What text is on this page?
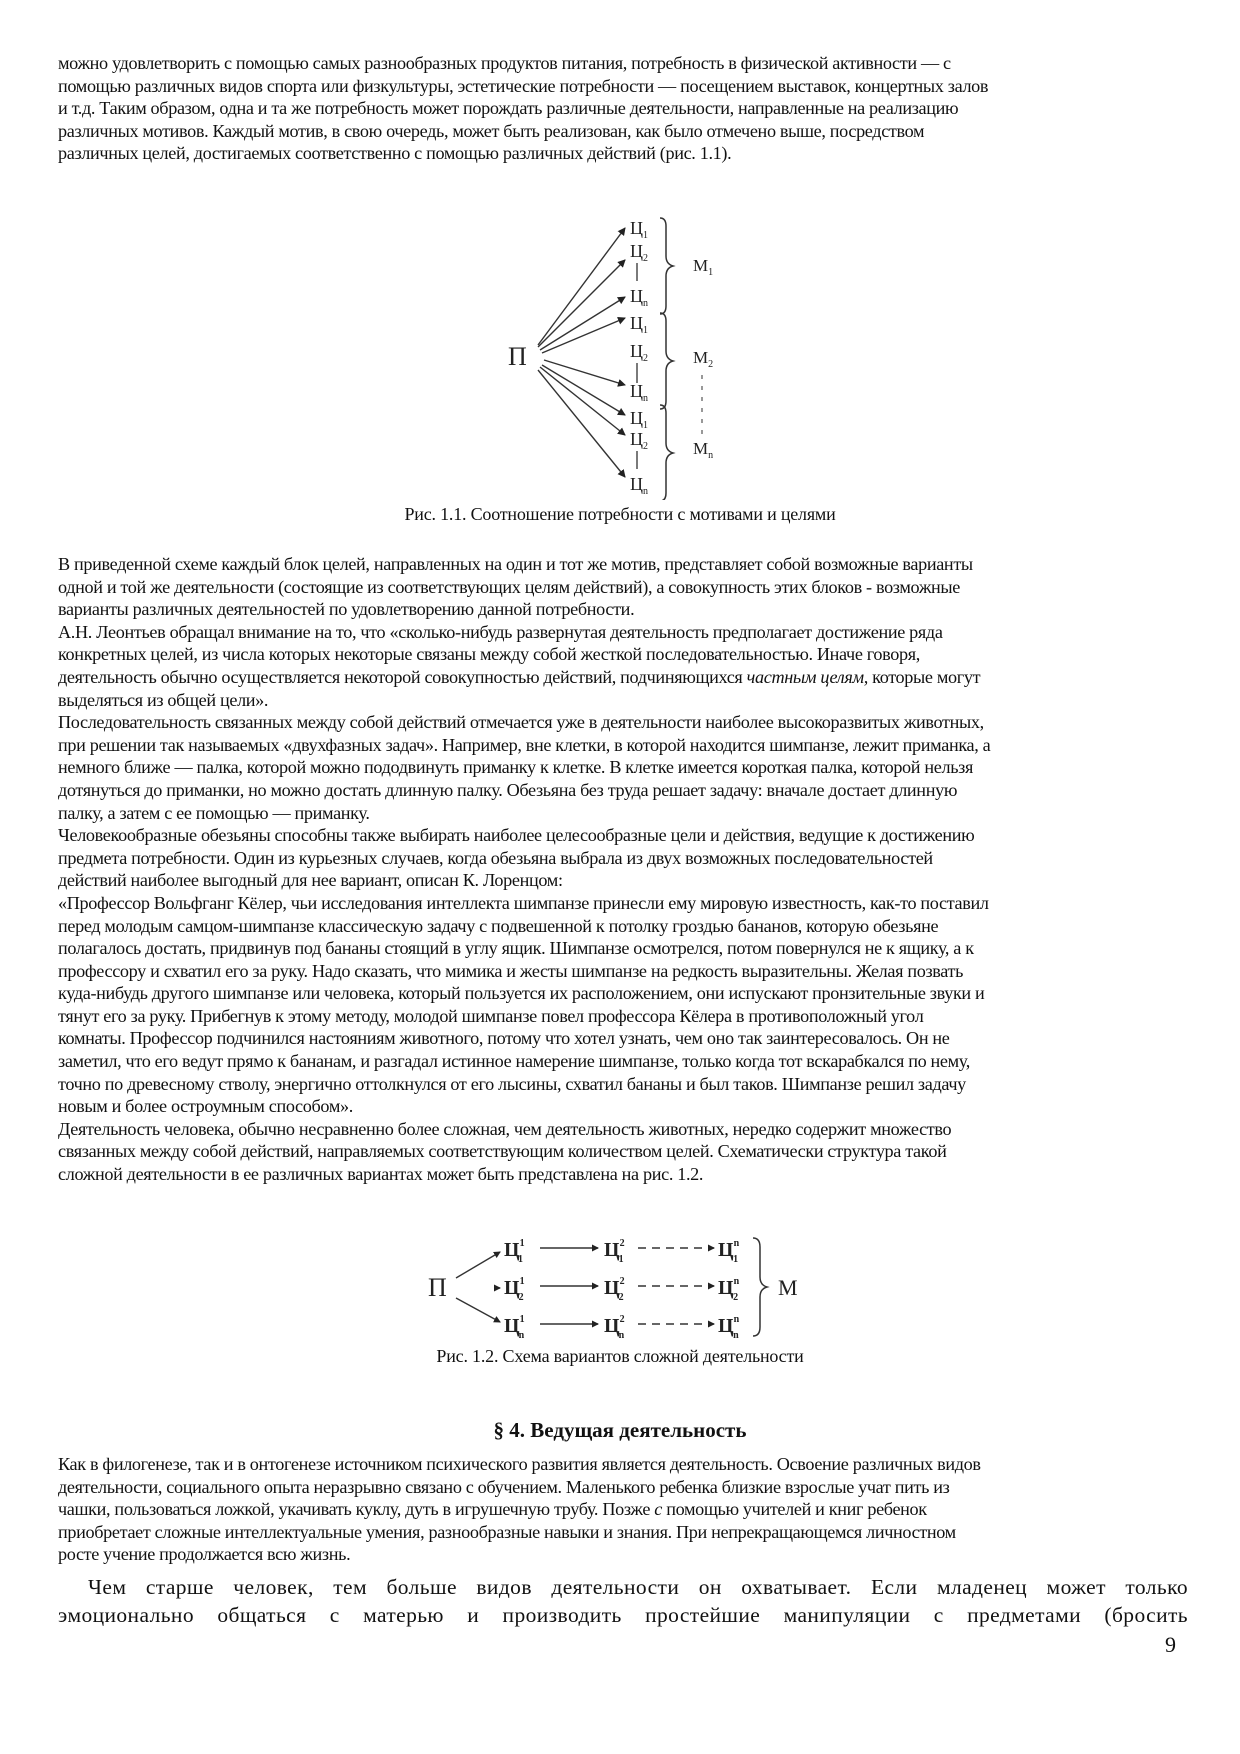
можно удовлетворить с помощью самых разнообразных продуктов питания, потребность в физической активности — с
помощью различных видов спорта или физкультуры, эстетические потребности — посещением выставок, концертных залов
и т.д. Таким образом, одна и та же потребность может порождать различные деятельности, направленные на реализацию
различных мотивов. Каждый мотив, в свою очередь, может быть реализован, как было отмечено выше, посредством
различных целей, достигаемых соответственно с помощью различных действий (рис. 1.1).
П
$Ц_1$
$Ц_2$
$Ц_n$
$Ц_1$
$Ц_2$
$Ц_n$
$Ц_1$
$Ц_2$
$Ц_n$
$М_1$
$М_2$
$М_n$
Рис. 1.1. Соотношение потребности с мотивами и целями
В приведенной схеме каждый блок целей, направленных на один и тот же мотив, представляет собой возможные варианты
одной и той же деятельности (состоящие из соответствующих целям действий), а совокупность этих блоков - возможные
варианты различных деятельностей по удовлетворению данной потребности.
А.Н. Леонтьев обращал внимание на то, что «сколько-нибудь развернутая деятельность предполагает достижение ряда
конкретных целей, из числа которых некоторые связаны между собой жесткой последовательностью. Иначе говоря,
деятельность обычно осуществляется некоторой совокупностью действий, подчиняющихся частным целям, которые могут
выделяться из общей цели».
Последовательность связанных между собой действий отмечается уже в деятельности наиболее высокоразвитых животных,
при решении так называемых «двухфазных задач». Например, вне клетки, в которой находится шимпанзе, лежит приманка, а
немного ближе — палка, которой можно пододвинуть приманку к клетке. В клетке имеется короткая палка, которой нельзя
дотянуться до приманки, но можно достать длинную палку. Обезьяна без труда решает задачу: вначале достает длинную
палку, а затем с ее помощью — приманку.
Человекообразные обезьяны способны также выбирать наиболее целесообразные цели и действия, ведущие к достижению
предмета потребности. Один из курьезных случаев, когда обезьяна выбрала из двух возможных последовательностей
действий наиболее выгодный для нее вариант, описан К. Лоренцом:
«Профессор Вольфганг Кёлер, чьи исследования интеллекта шимпанзе принесли ему мировую известность, как-то поставил
перед молодым самцом-шимпанзе классическую задачу с подвешенной к потолку гроздью бананов, которую обезьяне
полагалось достать, придвинув под бананы стоящий в углу ящик. Шимпанзе осмотрелся, потом повернулся не к ящику, а к
профессору и схватил его за руку. Надо сказать, что мимика и жесты шимпанзе на редкость выразительны. Желая позвать
куда-нибудь другого шимпанзе или человека, который пользуется их расположением, они испускают пронзительные звуки и
тянут его за руку. Прибегнув к этому методу, молодой шимпанзе повел профессора Кёлера в противоположный угол
комнаты. Профессор подчинился настояниям животного, потому что хотел узнать, чем оно так заинтересовалось. Он не
заметил, что его ведут прямо к бананам, и разгадал истинное намерение шимпанзе, только когда тот вскарабкался по нему,
точно по древесному стволу, энергично оттолкнулся от его лысины, схватил бананы и был таков. Шимпанзе решил задачу
новым и более остроумным способом».
Деятельность человека, обычно несравненно более сложная, чем деятельность животных, нередко содержит множество
связанных между собой действий, направляемых соответствующим количеством целей. Схематически структура такой
сложной деятельности в ее различных вариантах может быть представлена на рис. 1.2.
П
$Ц^1$ 1
$Ц^1$ 2
$Ц^1$ n
$Ц^2$ 1
$Ц^2$ 2
$Ц^2$ n
$Ц^n$ 1
$Ц^n$ 2
$Ц^n$ n
М
Рис. 1.2. Схема вариантов сложной деятельности
§ 4. Ведущая деятельность
Как в филогенезе, так и в онтогенезе источником психического развития является деятельность. Освоение различных видов
деятельности, социального опыта неразрывно связано с обучением. Маленького ребенка близкие взрослые учат пить из
чашки, пользоваться ложкой, укачивать куклу, дуть в игрушечную трубу. Позже с помощью учителей и книг ребенок
приобретает сложные интеллектуальные умения, разнообразные навыки и знания. При непрекращающемся личностном
росте учение продолжается всю жизнь.
Чем старше человек, тем больше видов деятельности он охватывает. Если младенец может только
эмоционально общаться с матерью и производить простейшие манипуляции с предметами (бросить
9
